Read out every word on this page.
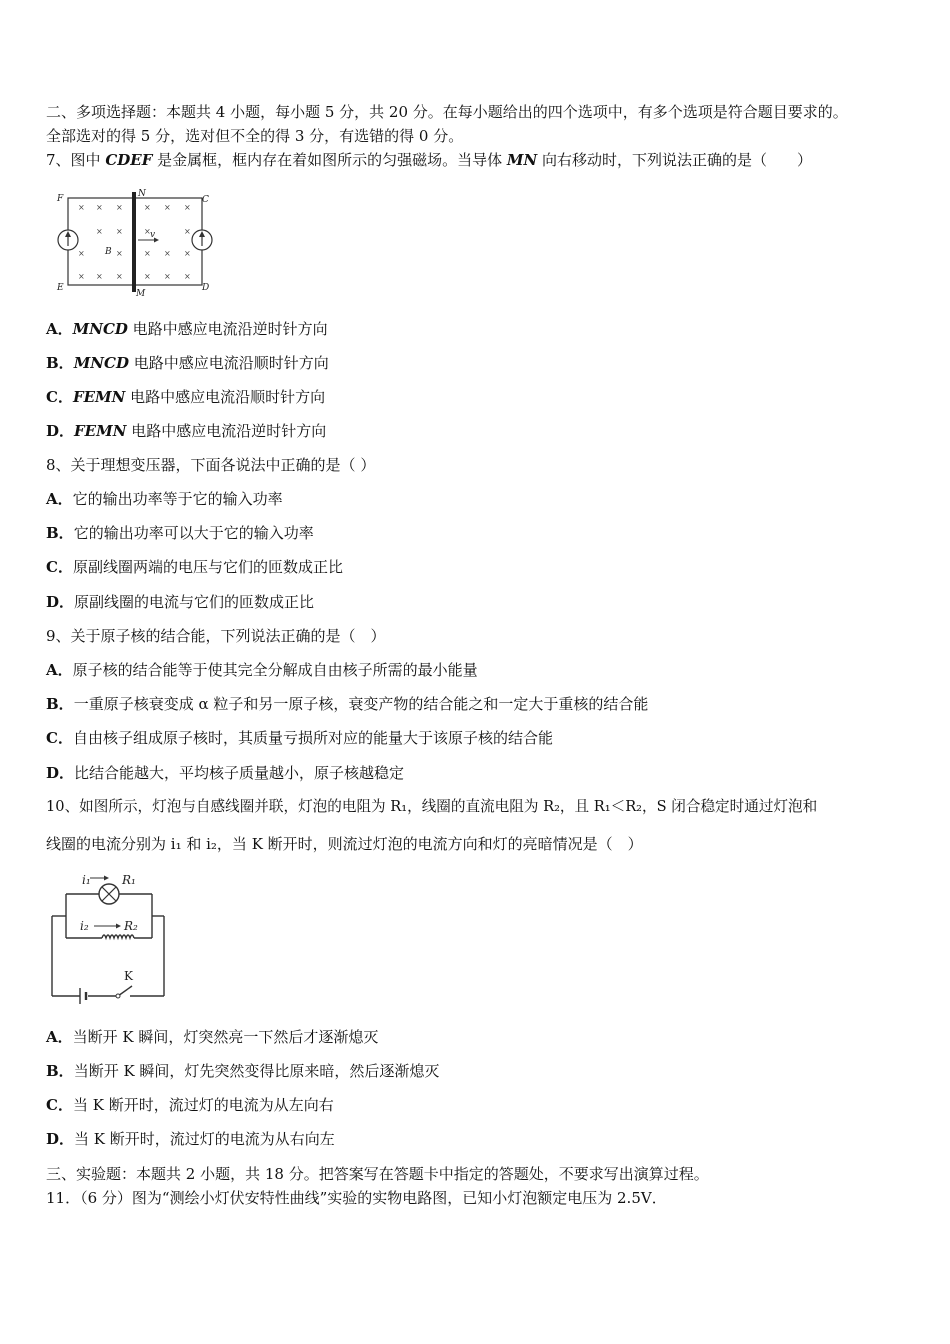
二、多项选择题：本题共 4 小题，每小题 5 分，共 20 分。在每小题给出的四个选项中，有多个选项是符合题目要求的。
全部选对的得 5 分，选对但不全的得 3 分，有选错的得 0 分。
7、图中 CDEF 是金属框，框内存在着如图所示的匀强磁场。当导体 MN 向右移动时，下列说法正确的是（　　）
× × ×	× × ×
× ×	×	×
×	×	× × ×
× × ×	× × ×
F	N
C
E
M
D
B
v
A．MNCD 电路中感应电流沿逆时针方向
B．MNCD 电路中感应电流沿顺时针方向
C．FEMN 电路中感应电流沿顺时针方向
D．FEMN 电路中感应电流沿逆时针方向
8、关于理想变压器，下面各说法中正确的是（ ）
A．它的输出功率等于它的输入功率
B．它的输出功率可以大于它的输入功率
C．原副线圈两端的电压与它们的匝数成正比
D．原副线圈的电流与它们的匝数成正比
9、关于原子核的结合能，下列说法正确的是（　）
A．原子核的结合能等于使其完全分解成自由核子所需的最小能量
B．一重原子核衰变成 α 粒子和另一原子核，衰变产物的结合能之和一定大于重核的结合能
C．自由核子组成原子核时，其质量亏损所对应的能量大于该原子核的结合能
D．比结合能越大，平均核子质量越小，原子核越稳定
10、如图所示，灯泡与自感线圈并联，灯泡的电阻为 R₁，线圈的直流电阻为 R₂，且 R₁＜R₂，S 闭合稳定时通过灯泡和
线圈的电流分别为 i₁ 和 i₂，当 K 断开时，则流过灯泡的电流方向和灯的亮暗情况是（　）
i₁	R₁
i₂	R₂
K
A．当断开 K 瞬间，灯突然亮一下然后才逐渐熄灭
B．当断开 K 瞬间，灯先突然变得比原来暗，然后逐渐熄灭
C．当 K 断开时，流过灯的电流为从左向右
D．当 K 断开时，流过灯的电流为从右向左
三、实验题：本题共 2 小题，共 18 分。把答案写在答题卡中指定的答题处，不要求写出演算过程。
11．（6 分）图为“测绘小灯伏安特性曲线”实验的实物电路图，已知小灯泡额定电压为 2.5V．
